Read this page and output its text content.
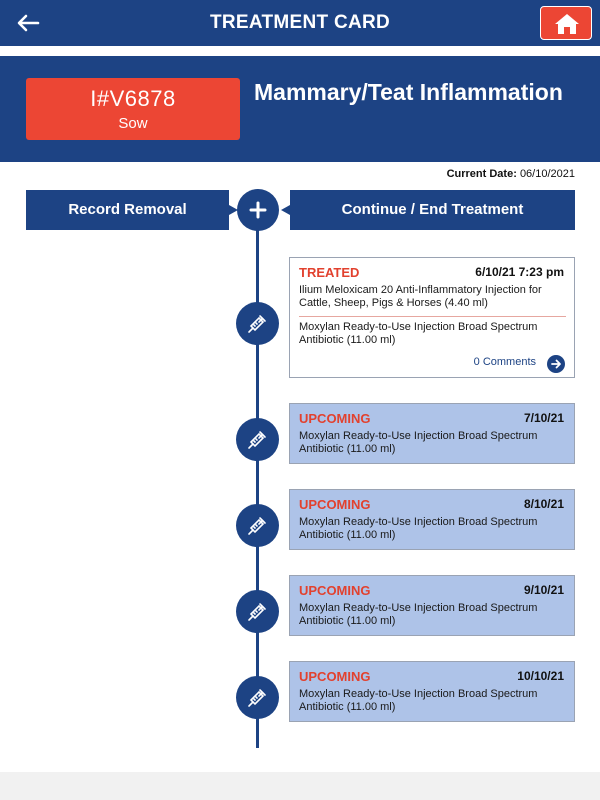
TREATMENT CARD
I#V6878
Sow
Mammary/Teat Inflammation
Current Date: 06/10/2021
Record Removal	Continue / End Treatment
TREATED	6/10/21 7:23 pm
Ilium Meloxicam 20 Anti-Inflammatory Injection for Cattle, Sheep, Pigs & Horses (4.40 ml)
Moxylan Ready-to-Use Injection Broad Spectrum Antibiotic (11.00 ml)
0 Comments
UPCOMING	7/10/21
Moxylan Ready-to-Use Injection Broad Spectrum Antibiotic (11.00 ml)
UPCOMING	8/10/21
Moxylan Ready-to-Use Injection Broad Spectrum Antibiotic (11.00 ml)
UPCOMING	9/10/21
Moxylan Ready-to-Use Injection Broad Spectrum Antibiotic (11.00 ml)
UPCOMING	10/10/21
Moxylan Ready-to-Use Injection Broad Spectrum Antibiotic (11.00 ml)
